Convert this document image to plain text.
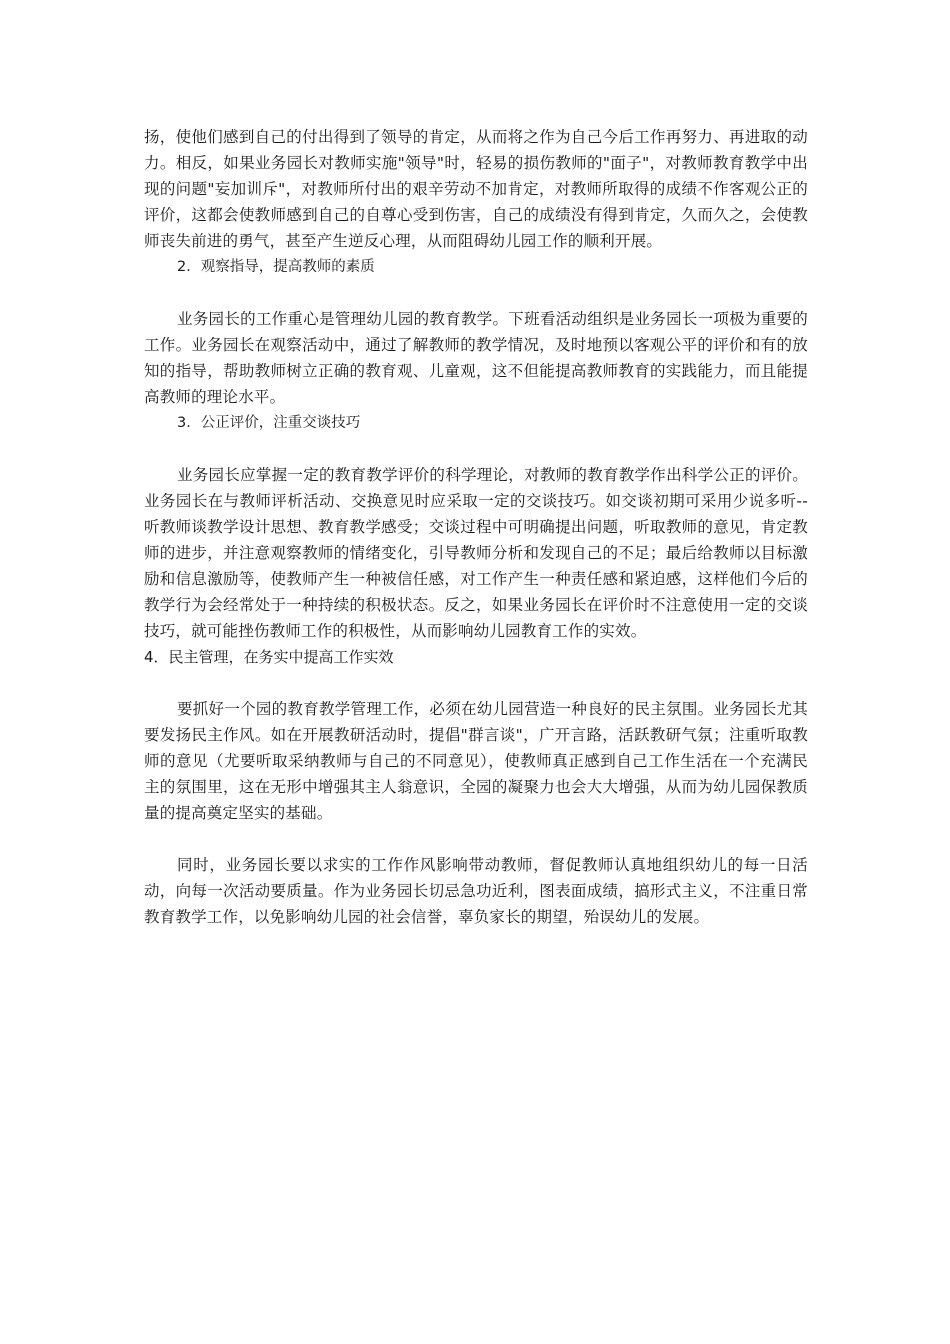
扬，使他们感到自己的付出得到了领导的肯定，从而将之作为自己今后工作再努力、再进取的动力。相反，如果业务园长对教师实施"领导"时，轻易的损伤教师的"面子"，对教师教育教学中出现的问题"妄加训斥"，对教师所付出的艰辛劳动不加肯定，对教师所取得的成绩不作客观公正的评价，这都会使教师感到自己的自尊心受到伤害，自己的成绩没有得到肯定，久而久之，会使教师丧失前进的勇气，甚至产生逆反心理，从而阻碍幼儿园工作的顺利开展。

2．观察指导，提高教师的素质

业务园长的工作重心是管理幼儿园的教育教学。下班看活动组织是业务园长一项极为重要的工作。业务园长在观察活动中，通过了解教师的教学情况，及时地预以客观公平的评价和有的放知的指导，帮助教师树立正确的教育观、儿童观，这不但能提高教师教育的实践能力，而且能提高教师的理论水平。

3．公正评价，注重交谈技巧

业务园长应掌握一定的教育教学评价的科学理论，对教师的教育教学作出科学公正的评价。业务园长在与教师评析活动、交换意见时应采取一定的交谈技巧。如交谈初期可采用少说多听--听教师谈教学设计思想、教育教学感受；交谈过程中可明确提出问题，听取教师的意见，肯定教师的进步，并注意观察教师的情绪变化，引导教师分析和发现自己的不足；最后给教师以目标激励和信息激励等，使教师产生一种被信任感，对工作产生一种责任感和紧迫感，这样他们今后的教学行为会经常处于一种持续的积极状态。反之，如果业务园长在评价时不注意使用一定的交谈技巧，就可能挫伤教师工作的积极性，从而影响幼儿园教育工作的实效。

4．民主管理，在务实中提高工作实效

要抓好一个园的教育教学管理工作，必须在幼儿园营造一种良好的民主氛围。业务园长尤其要发扬民主作风。如在开展教研活动时，提倡"群言谈"，广开言路，活跃教研气氛；注重听取教师的意见（尤要听取采纳教师与自己的不同意见），使教师真正感到自己工作生活在一个充满民主的氛围里，这在无形中增强其主人翁意识，全园的凝聚力也会大大增强，从而为幼儿园保教质量的提高奠定坚实的基础。

同时，业务园长要以求实的工作作风影响带动教师，督促教师认真地组织幼儿的每一日活动，向每一次活动要质量。作为业务园长切忌急功近利，图表面成绩，搞形式主义，不注重日常教育教学工作，以免影响幼儿园的社会信誉，辜负家长的期望，殆误幼儿的发展。
